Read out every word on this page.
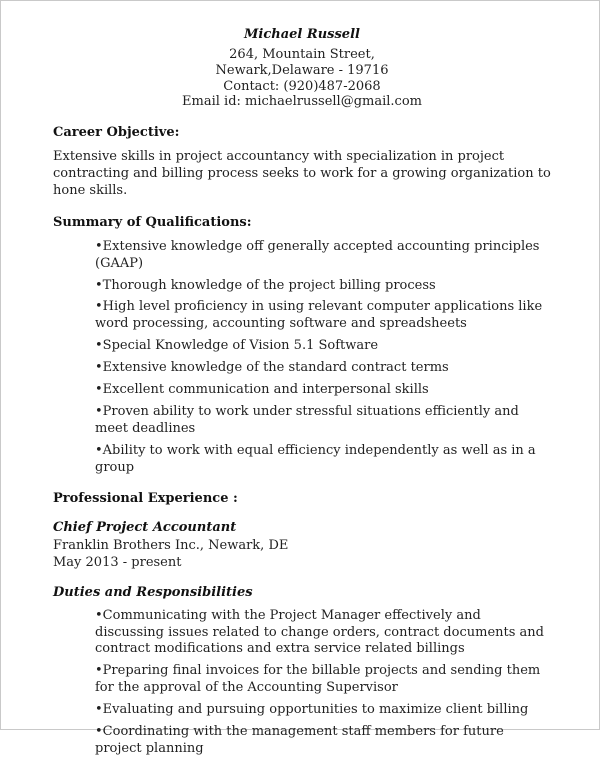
Michael Russell
264, Mountain Street,
Newark,Delaware - 19716
Contact: (920)487-2068
Email id: michaelrussell@gmail.com
Career Objective:

Extensive skills in project accountancy with specialization in project contracting and billing process seeks to work for a growing organization to hone skills.

Summary of Qualifications:
•Extensive knowledge off generally accepted accounting principles (GAAP)
•Thorough knowledge of the project billing process
•High level proficiency in using relevant computer applications like word processing, accounting software and spreadsheets
•Special Knowledge of Vision 5.1 Software
•Extensive knowledge of the standard contract terms
•Excellent communication and interpersonal skills
•Proven ability to work under stressful situations efficiently and meet deadlines
•Ability to work with equal efficiency independently as well as in a group
Professional Experience :
Chief Project Accountant

Franklin Brothers Inc., Newark, DE

May 2013 - present

Duties and Responsibilities
•Communicating with the Project Manager effectively and discussing issues related to change orders, contract documents and contract modifications and extra service related billings
•Preparing final invoices for the billable projects and sending them for the approval of the Accounting Supervisor
•Evaluating and pursuing opportunities to maximize client billing
•Coordinating with the management staff members for future project planning
